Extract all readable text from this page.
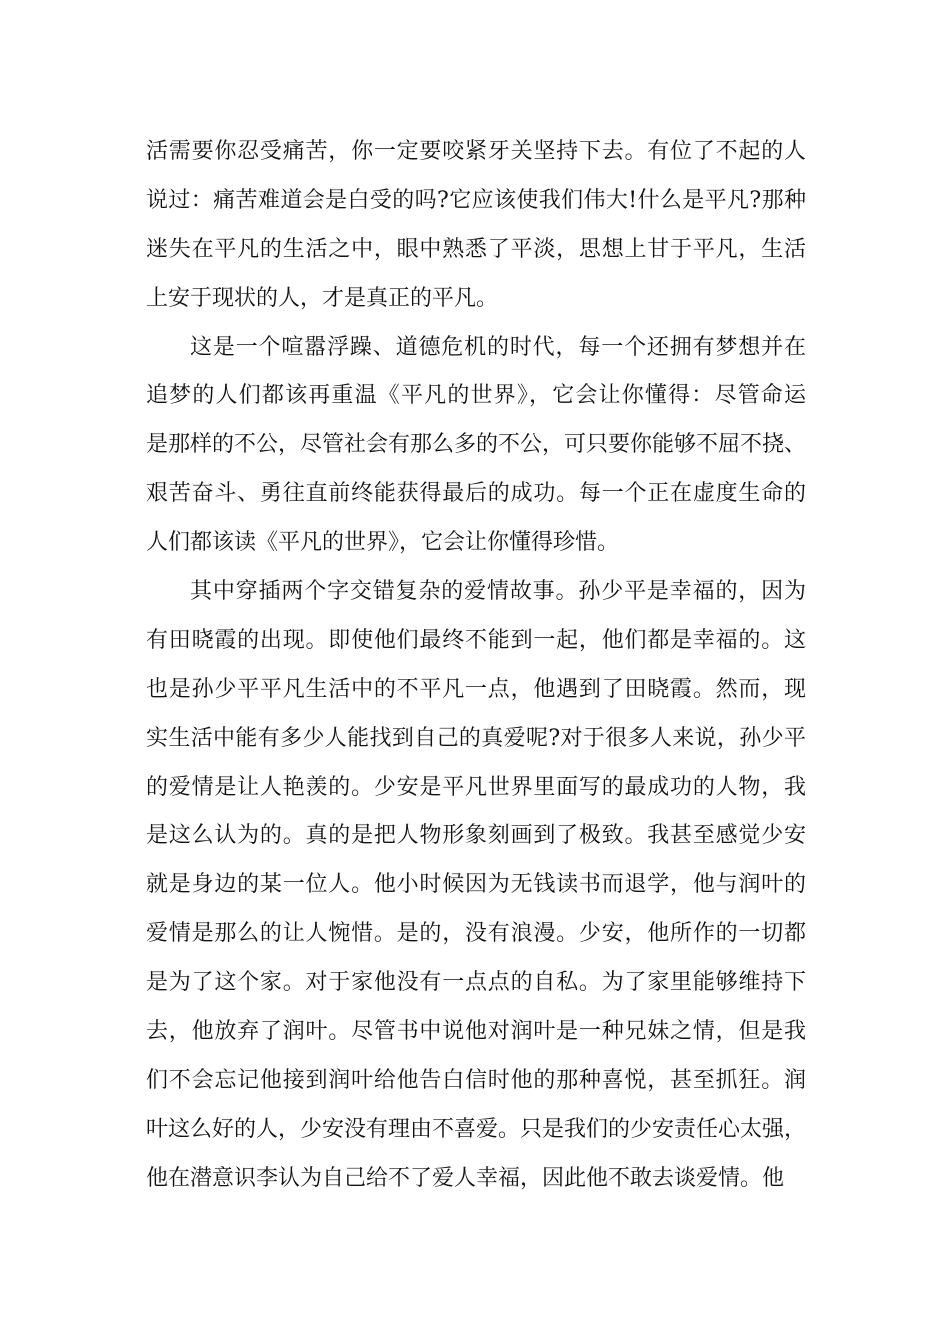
活需要你忍受痛苦，你一定要咬紧牙关坚持下去。有位了不起的人
说过：痛苦难道会是白受的吗?它应该使我们伟大!什么是平凡?那种
迷失在平凡的生活之中，眼中熟悉了平淡，思想上甘于平凡，生活
上安于现状的人，才是真正的平凡。
这是一个喧嚣浮躁、道德危机的时代，每一个还拥有梦想并在
追梦的人们都该再重温《平凡的世界》，它会让你懂得：尽管命运
是那样的不公，尽管社会有那么多的不公，可只要你能够不屈不挠、
艰苦奋斗、勇往直前终能获得最后的成功。每一个正在虚度生命的
人们都该读《平凡的世界》，它会让你懂得珍惜。
其中穿插两个字交错复杂的爱情故事。孙少平是幸福的，因为
有田晓霞的出现。即使他们最终不能到一起，他们都是幸福的。这
也是孙少平平凡生活中的不平凡一点，他遇到了田晓霞。然而，现
实生活中能有多少人能找到自己的真爱呢?对于很多人来说，孙少平
的爱情是让人艳羡的。少安是平凡世界里面写的最成功的人物，我
是这么认为的。真的是把人物形象刻画到了极致。我甚至感觉少安
就是身边的某一位人。他小时候因为无钱读书而退学，他与润叶的
爱情是那么的让人惋惜。是的，没有浪漫。少安，他所作的一切都
是为了这个家。对于家他没有一点点的自私。为了家里能够维持下
去，他放弃了润叶。尽管书中说他对润叶是一种兄妹之情，但是我
们不会忘记他接到润叶给他告白信时他的那种喜悦，甚至抓狂。润
叶这么好的人，少安没有理由不喜爱。只是我们的少安责任心太强，
他在潜意识李认为自己给不了爱人幸福，因此他不敢去谈爱情。他
